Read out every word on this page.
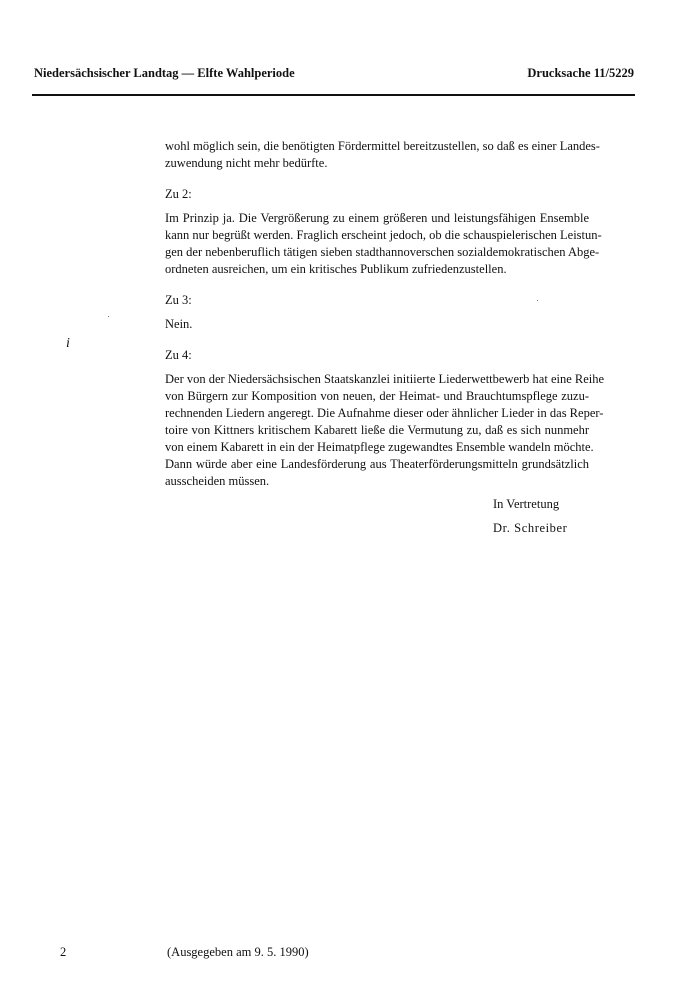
Niedersächsischer Landtag — Elfte Wahlperiode	Drucksache 11/5229
wohl möglich sein, die benötigten Fördermittel bereitzustellen, so daß es einer Landes-
zuwendung nicht mehr bedürfte.
Zu 2:
Im Prinzip ja. Die Vergrößerung zu einem größeren und leistungsfähigen Ensemble
kann nur begrüßt werden. Fraglich erscheint jedoch, ob die schauspielerischen Leistun-
gen der nebenberuflich tätigen sieben stadthannoverschen sozialdemokratischen Abge-
ordneten ausreichen, um ein kritisches Publikum zufriedenzustellen.
Zu 3:
Nein.
Zu 4:
Der von der Niedersächsischen Staatskanzlei initiierte Liederwettbewerb hat eine Reihe
von Bürgern zur Komposition von neuen, der Heimat- und Brauchtumspflege zuzu-
rechnenden Liedern angeregt. Die Aufnahme dieser oder ähnlicher Lieder in das Reper-
toire von Kittners kritischem Kabarett ließe die Vermutung zu, daß es sich nunmehr
von einem Kabarett in ein der Heimatpflege zugewandtes Ensemble wandeln möchte.
Dann würde aber eine Landesförderung aus Theaterförderungsmitteln grundsätzlich
ausscheiden müssen.
In Vertretung
Dr. Schreiber
i
2	(Ausgegeben am 9. 5. 1990)
